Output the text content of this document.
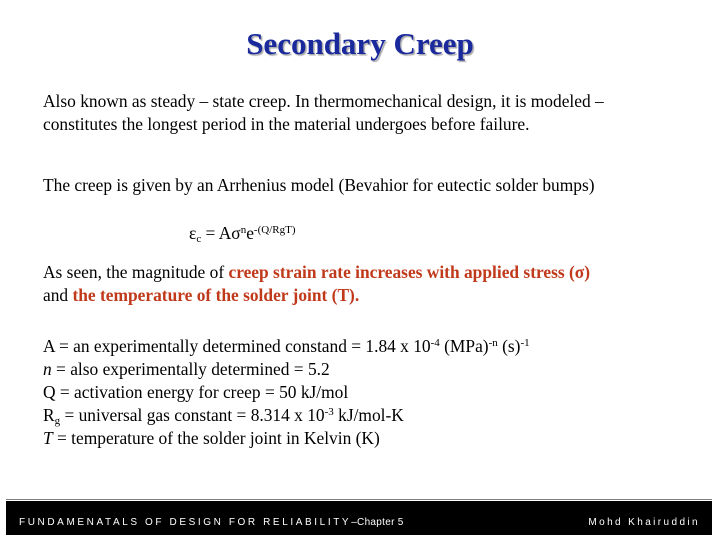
Secondary Creep
Also known as steady – state creep. In thermomechanical design, it is modeled –
constitutes the longest period in the material undergoes before failure.
The creep is given by an Arrhenius model (Bevahior for eutectic solder bumps)
$\varepsilon_c = A\sigma^ne^{-(Q/RgT)}$
As seen, the magnitude of creep strain rate increases with applied stress (σ)
and the temperature of the solder joint (T).
A = an experimentally determined constand = 1.84 x $10^{-4}$ (MPa)$^{-n}$ $(s)^{-1}$
n = also experimentally determined = 5.2
Q = activation energy for creep = 50 kJ/mol
$R_g$ = universal gas constant = 8.314 x $10^{-3}$ kJ/mol-K
T = temperature of the solder joint in Kelvin (K)
FUNDAMENATALS OF DESIGN FOR RELIABILITY–Chapter 5	Mohd Khairuddin
